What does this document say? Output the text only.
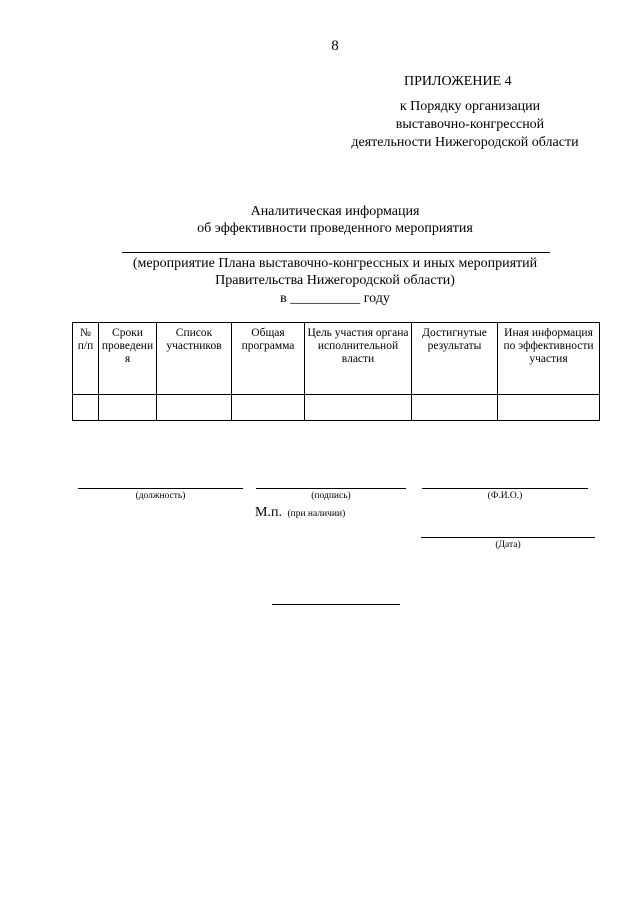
8
ПРИЛОЖЕНИЕ 4
к Порядку организации
выставочно-конгрессной
деятельности Нижегородской области
Аналитическая информация
об эффективности проведенного мероприятия
(мероприятие Плана выставочно-конгрессных и иных мероприятий
Правительства Нижегородской области)
в __________ году
№ п/п	Сроки проведения	Список участников	Общая программа	Цель участия органа исполнительной власти	Достигнутые результаты	Иная информация по эффективности участия

(должность)	(подпись)	(Ф.И.О.)
М.п. (при наличии)
(Дата)
